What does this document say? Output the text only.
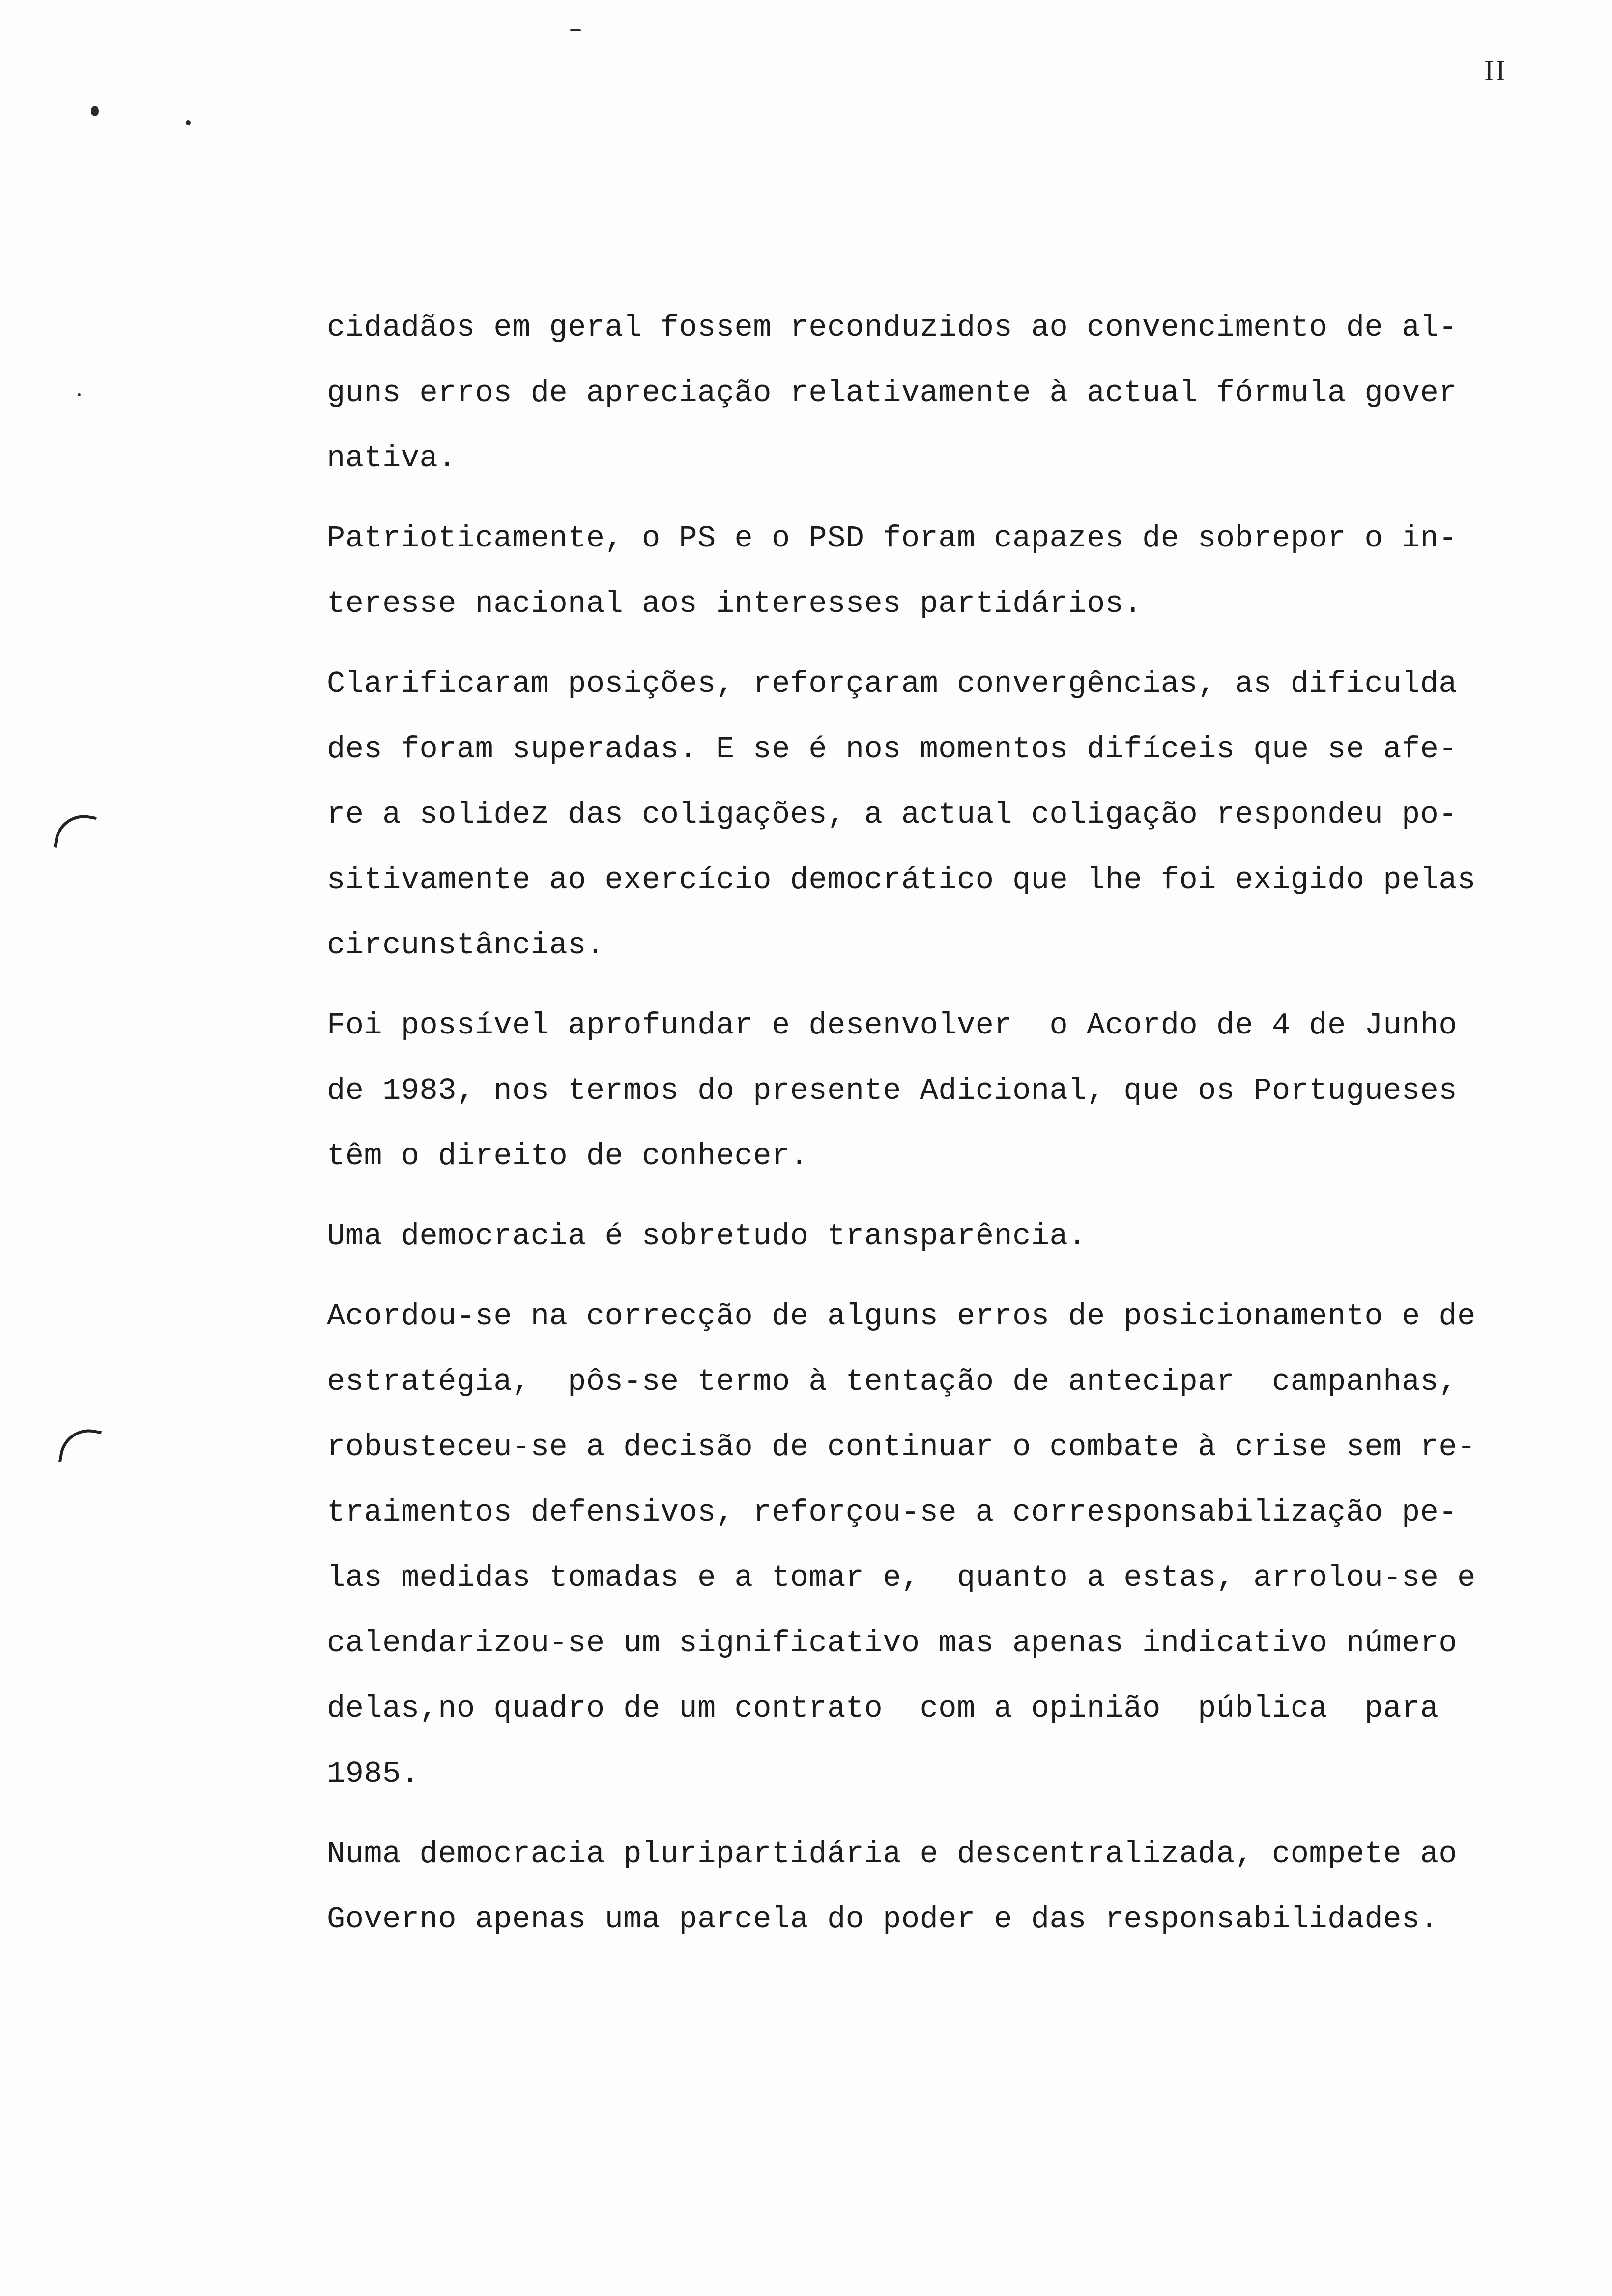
II
cidadãos em geral fossem reconduzidos ao convencimento de al-
guns erros de apreciação relativamente à actual fórmula gover
nativa.
Patrioticamente, o PS e o PSD foram capazes de sobrepor o in-
teresse nacional aos interesses partidários.
Clarificaram posições, reforçaram convergências, as dificulda
des foram superadas. E se é nos momentos difíceis que se afe-
re a solidez das coligações, a actual coligação respondeu po-
sitivamente ao exercício democrático que lhe foi exigido pelas
circunstâncias.
Foi possível aprofundar e desenvolver  o Acordo de 4 de Junho
de 1983, nos termos do presente Adicional, que os Portugueses
têm o direito de conhecer.
Uma democracia é sobretudo transparência.
Acordou-se na correcção de alguns erros de posicionamento e de
estratégia,  pôs-se termo à tentação de antecipar  campanhas,
robusteceu-se a decisão de continuar o combate à crise sem re-
traimentos defensivos, reforçou-se a corresponsabilização pe-
las medidas tomadas e a tomar e,  quanto a estas, arrolou-se e
calendarizou-se um significativo mas apenas indicativo número
delas,no quadro de um contrato  com a opinião  pública  para
1985.
Numa democracia pluripartidária e descentralizada, compete ao
Governo apenas uma parcela do poder e das responsabilidades.
